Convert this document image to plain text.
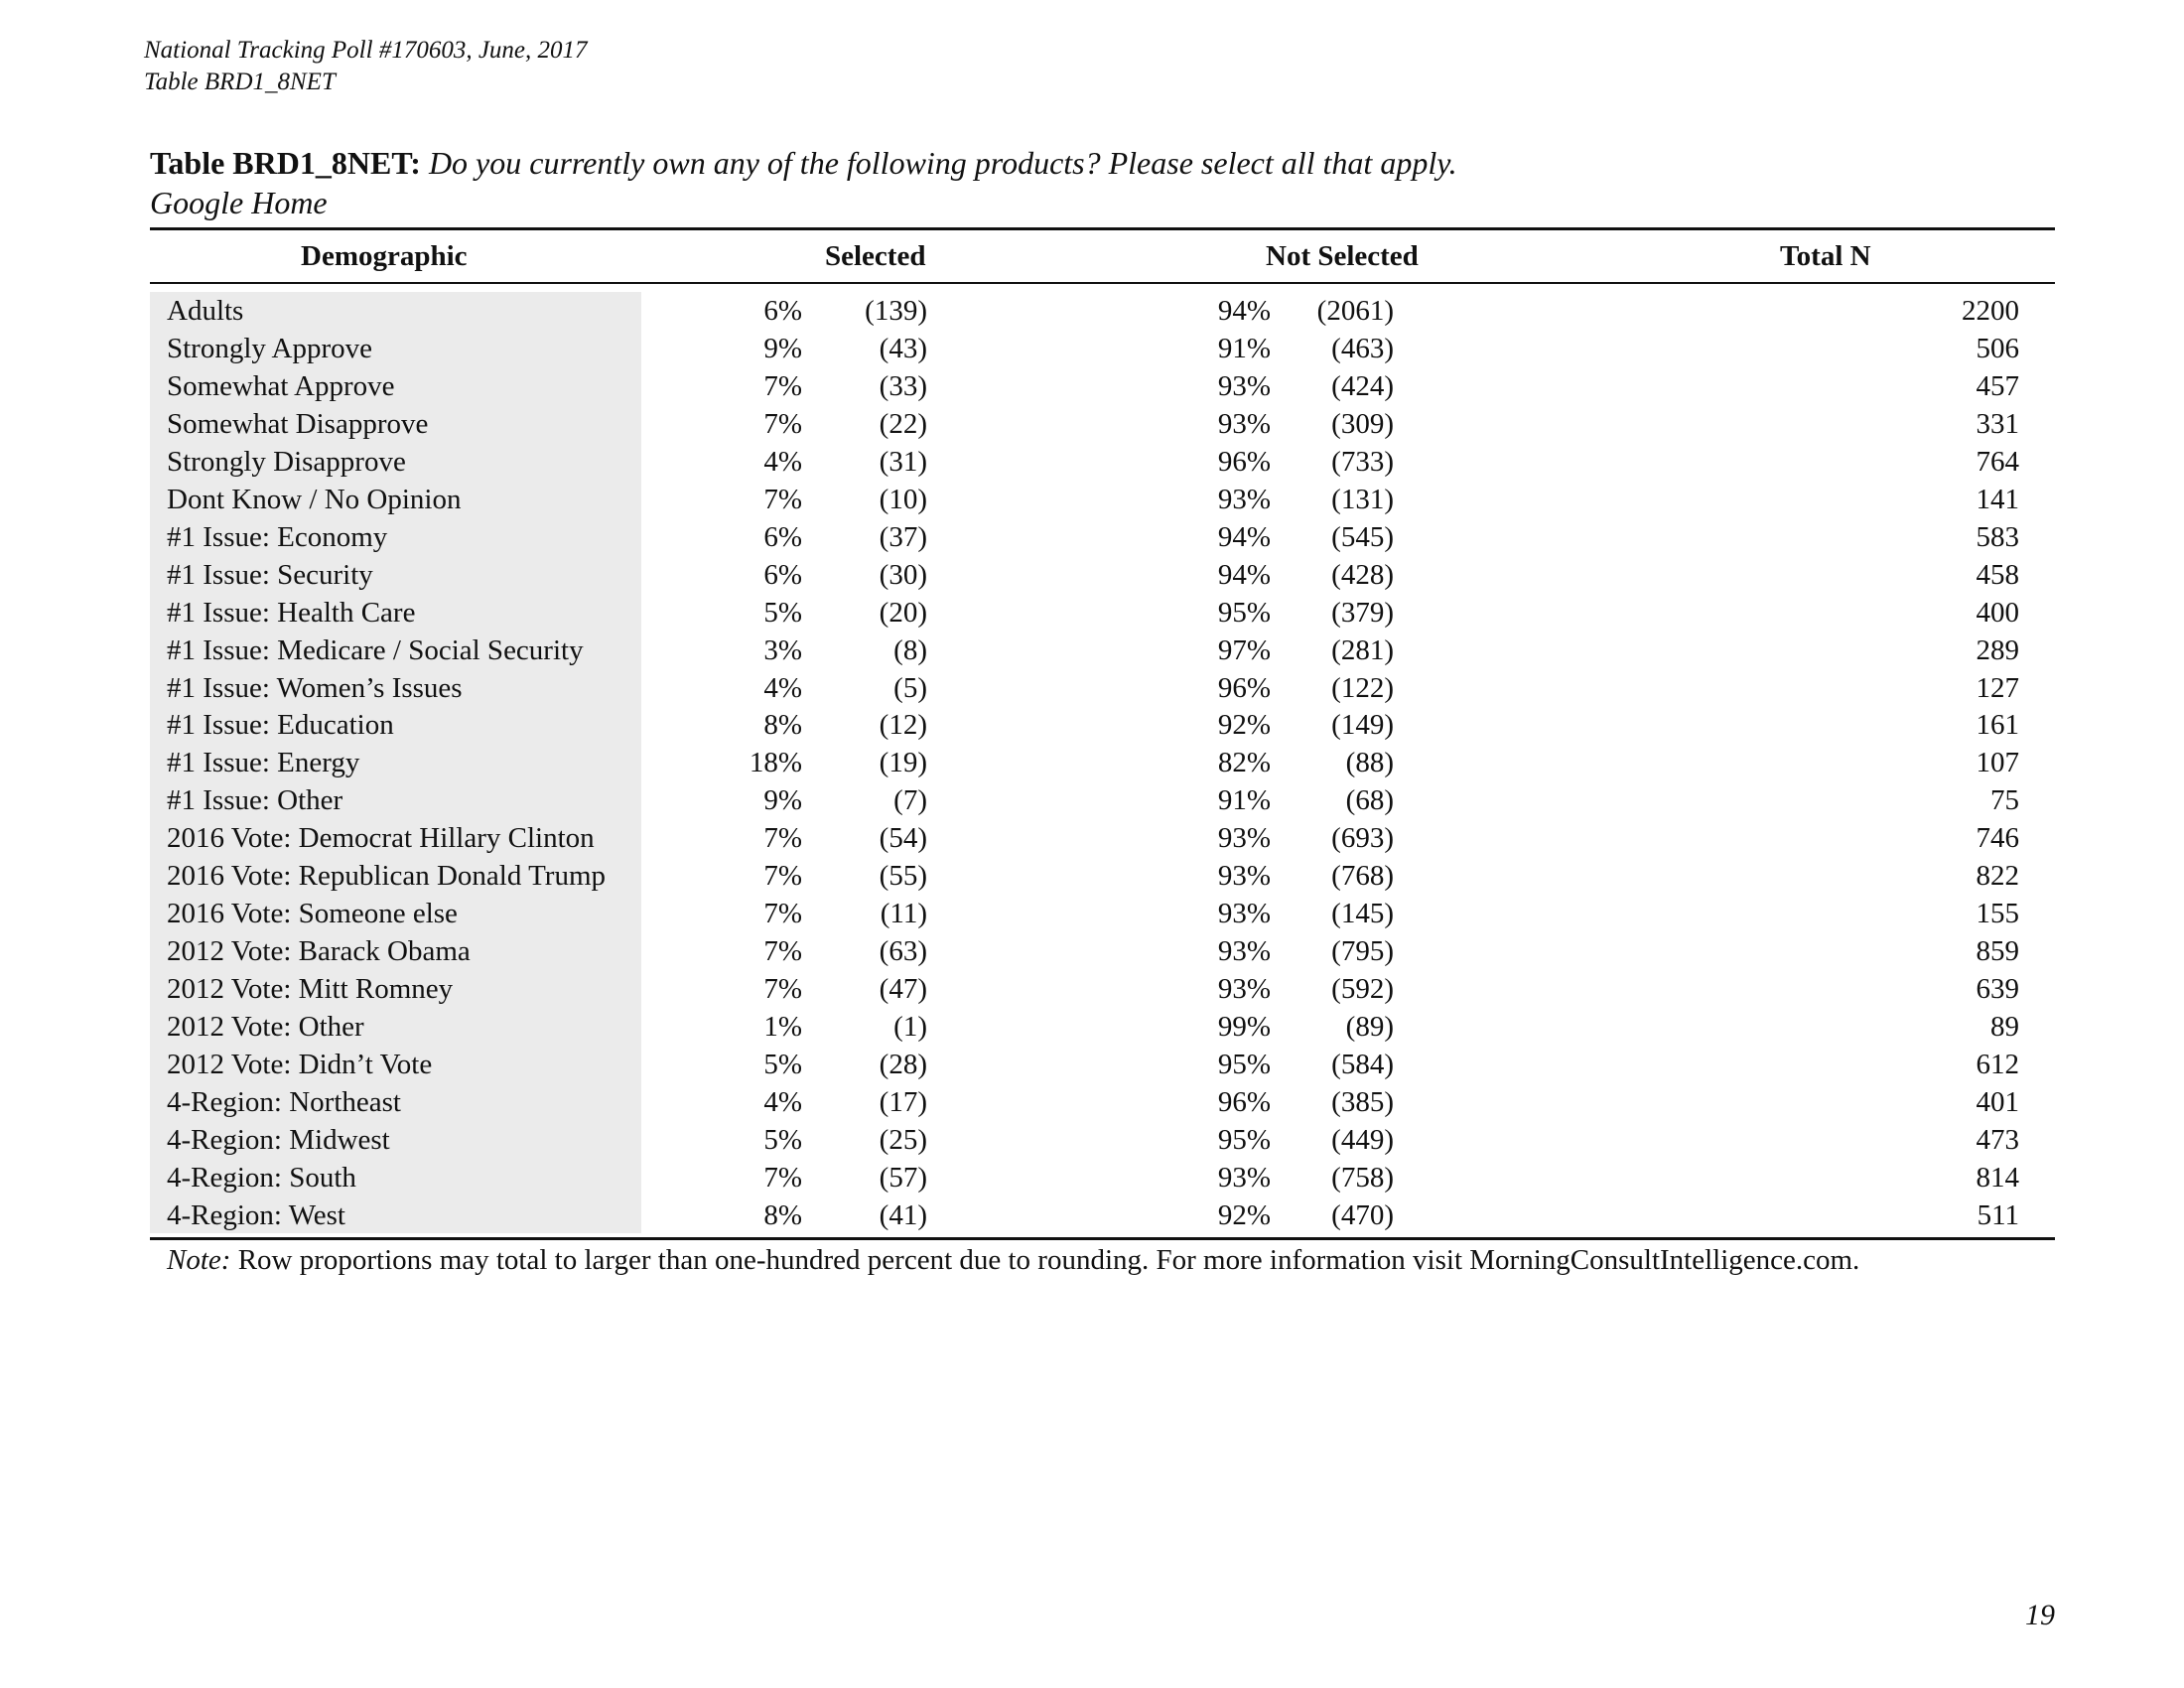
National Tracking Poll #170603, June, 2017
Table BRD1_8NET
Table BRD1_8NET: Do you currently own any of the following products? Please select all that apply.
Google Home
Demographic	Selected	Not Selected	Total N
Adults	6% (139)	94% (2061)	2200
Strongly Approve	9%	(43)	91% (463)	506
Somewhat Approve	7%	(33)	93% (424)	457
Somewhat Disapprove	7%	(22)	93% (309)	331
Strongly Disapprove	4%	(31)	96% (733)	764
Dont Know / No Opinion	7%	(10)	93% (131)	141
#1 Issue: Economy	6%	(37)	94% (545)	583
#1 Issue: Security	6%	(30)	94% (428)	458
#1 Issue: Health Care	5%	(20)	95% (379)	400
#1 Issue: Medicare / Social Security	3%	(8)	97% (281)	289
#1 Issue: Women’s Issues	4%	(5)	96% (122)	127
#1 Issue: Education	8%	(12)	92% (149)	161
#1 Issue: Energy	18%	(19)	82%	(88)	107
#1 Issue: Other	9%	(7)	91%	(68)	75
2016 Vote: Democrat Hillary Clinton	7%	(54)	93% (693)	746
2016 Vote: Republican Donald Trump	7%	(55)	93% (768)	822
2016 Vote: Someone else	7%	(11)	93% (145)	155
2012 Vote: Barack Obama	7%	(63)	93% (795)	859
2012 Vote: Mitt Romney	7%	(47)	93% (592)	639
2012 Vote: Other	1%	(1)	99%	(89)	89
2012 Vote: Didn’t Vote	5%	(28)	95% (584)	612
4-Region: Northeast	4%	(17)	96% (385)	401
4-Region: Midwest	5%	(25)	95% (449)	473
4-Region: South	7%	(57)	93% (758)	814
4-Region: West	8%	(41)	92% (470)	511
Note: Row proportions may total to larger than one-hundred percent due to rounding. For more information visit MorningConsultIntelligence.com.
19
